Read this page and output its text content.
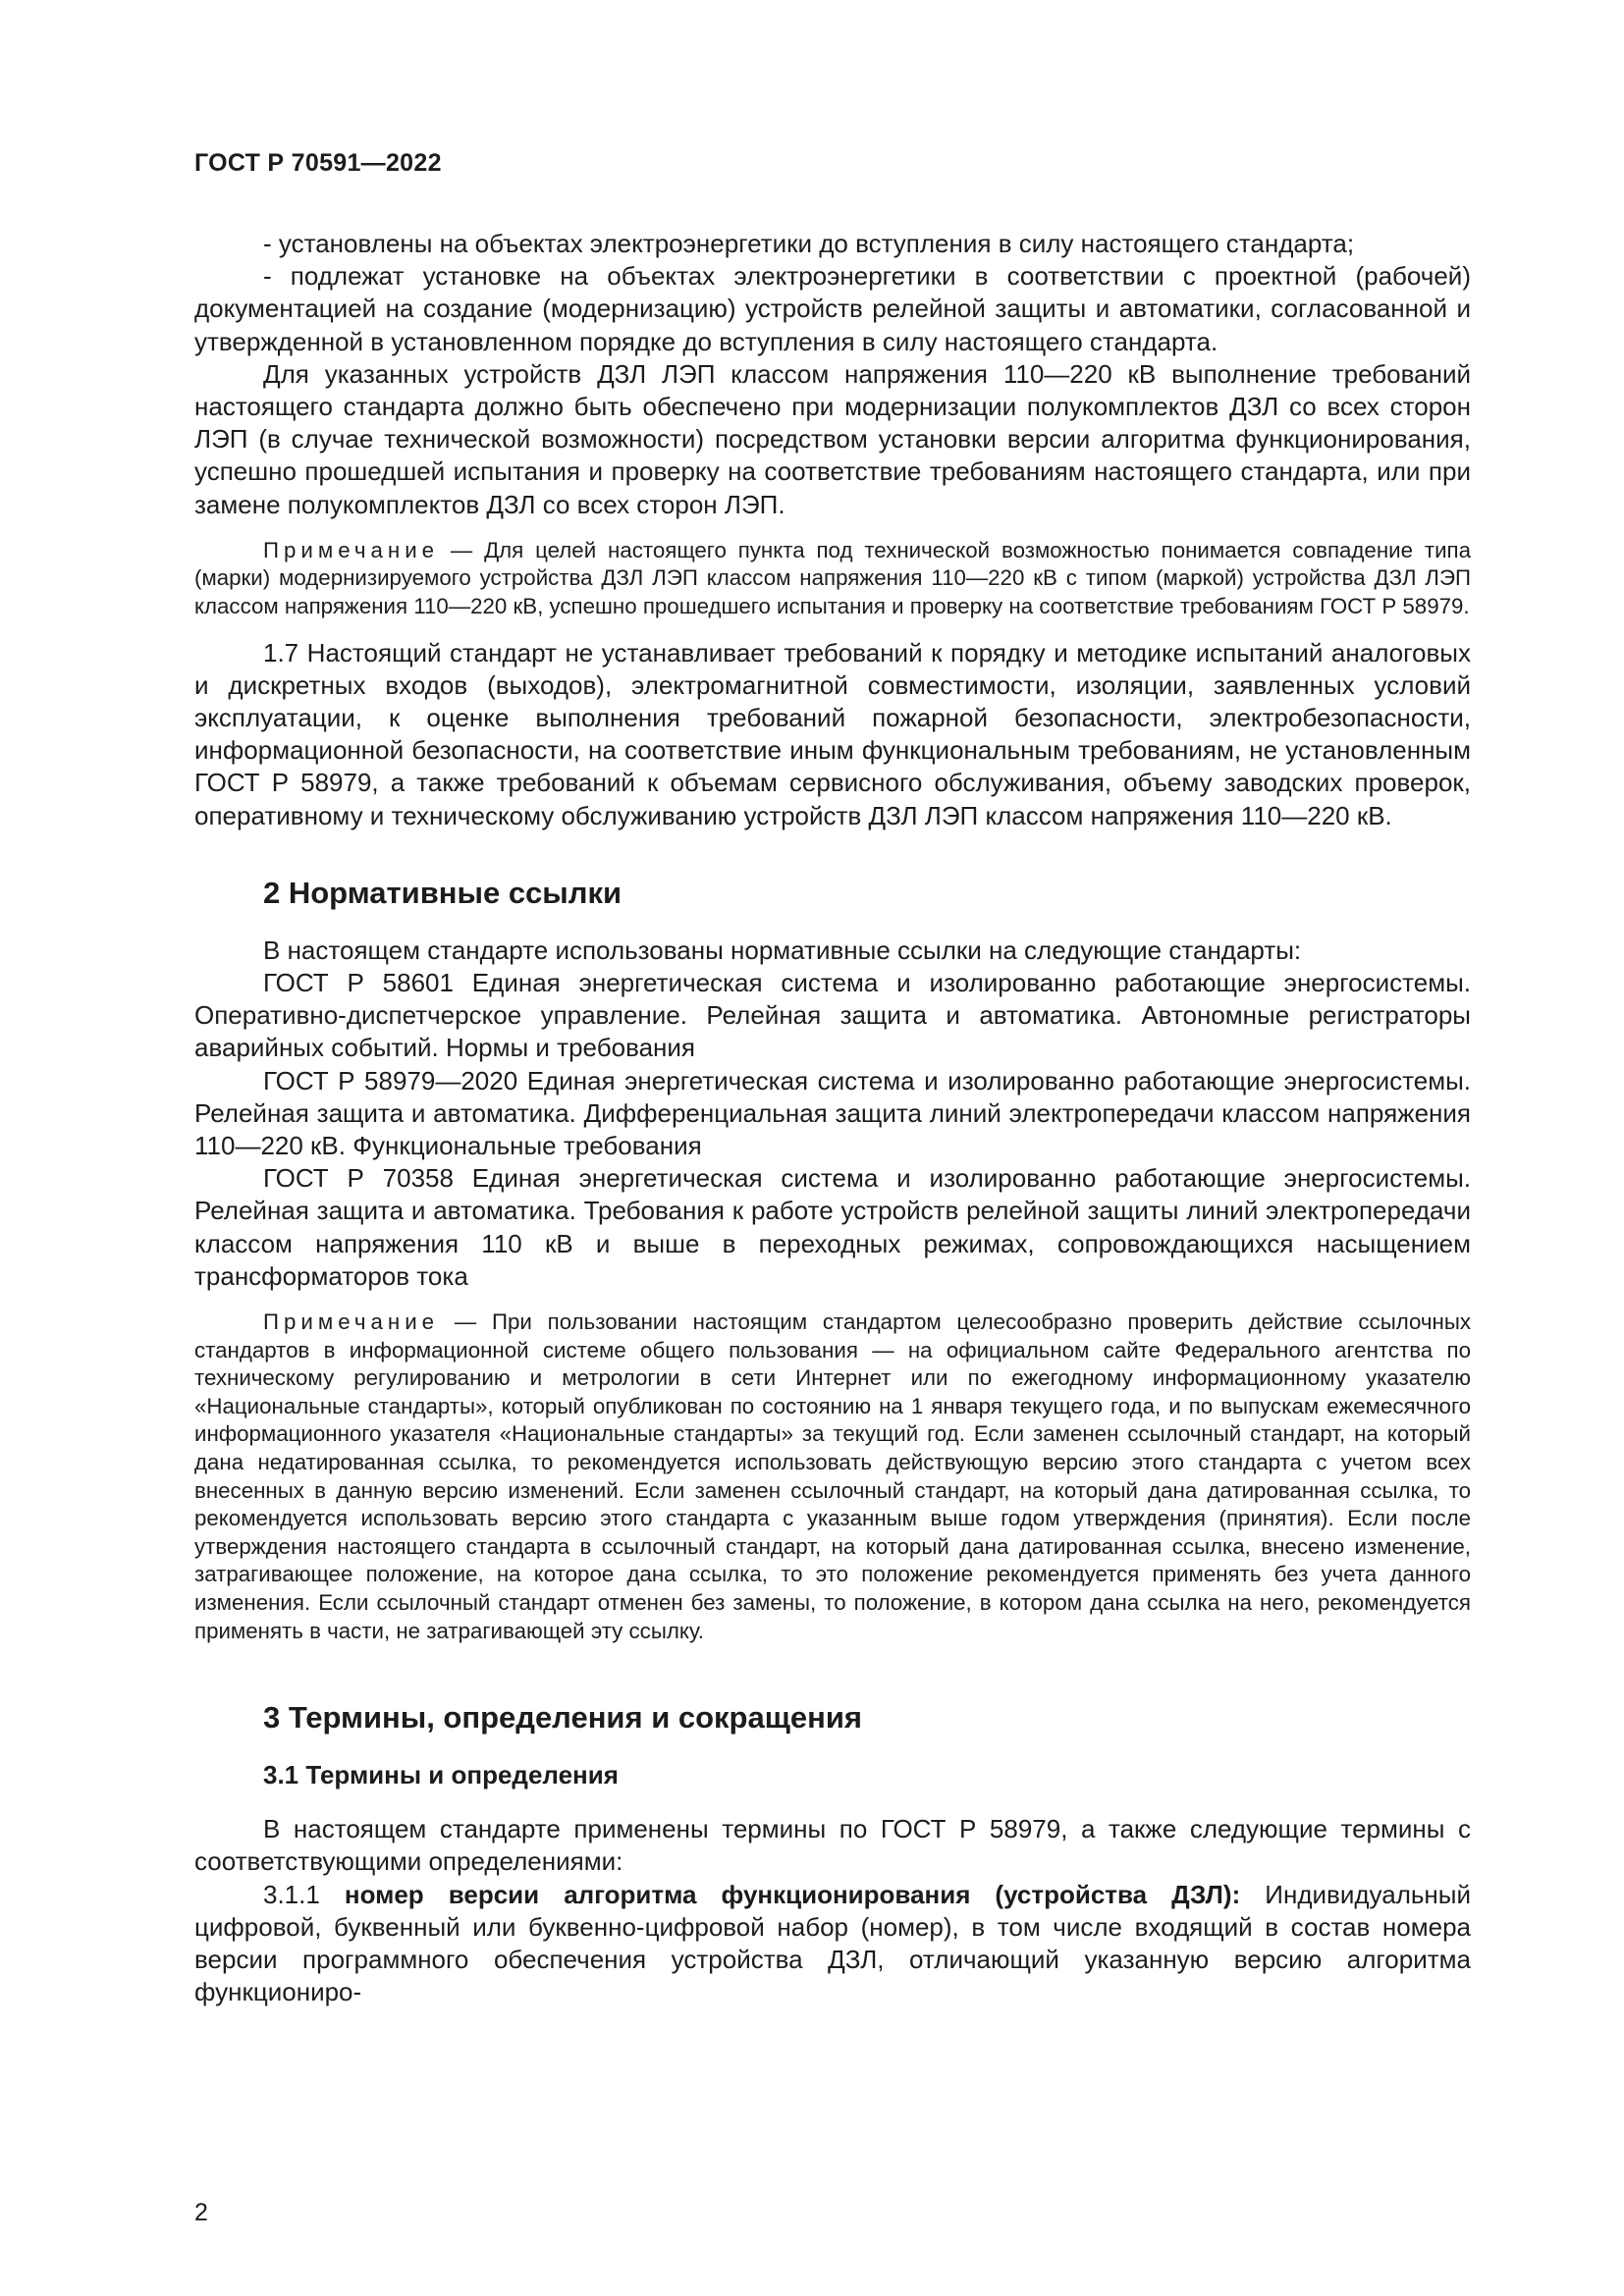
ГОСТ Р 70591—2022

- установлены на объектах электроэнергетики до вступления в силу настоящего стандарта;

- подлежат установке на объектах электроэнергетики в соответствии с проектной (рабочей) документацией на создание (модернизацию) устройств релейной защиты и автоматики, согласованной и утвержденной в установленном порядке до вступления в силу настоящего стандарта.

Для указанных устройств ДЗЛ ЛЭП классом напряжения 110—220 кВ выполнение требований настоящего стандарта должно быть обеспечено при модернизации полукомплектов ДЗЛ со всех сторон ЛЭП (в случае технической возможности) посредством установки версии алгоритма функционирования, успешно прошедшей испытания и проверку на соответствие требованиям настоящего стандарта, или при замене полукомплектов ДЗЛ со всех сторон ЛЭП.

Примечание — Для целей настоящего пункта под технической возможностью понимается совпадение типа (марки) модернизируемого устройства ДЗЛ ЛЭП классом напряжения 110—220 кВ с типом (маркой) устройства ДЗЛ ЛЭП классом напряжения 110—220 кВ, успешно прошедшего испытания и проверку на соответствие требованиям ГОСТ Р 58979.

1.7 Настоящий стандарт не устанавливает требований к порядку и методике испытаний аналоговых и дискретных входов (выходов), электромагнитной совместимости, изоляции, заявленных условий эксплуатации, к оценке выполнения требований пожарной безопасности, электробезопасности, информационной безопасности, на соответствие иным функциональным требованиям, не установленным ГОСТ Р 58979, а также требований к объемам сервисного обслуживания, объему заводских проверок, оперативному и техническому обслуживанию устройств ДЗЛ ЛЭП классом напряжения 110—220 кВ.

2 Нормативные ссылки

В настоящем стандарте использованы нормативные ссылки на следующие стандарты:

ГОСТ Р 58601 Единая энергетическая система и изолированно работающие энергосистемы. Оперативно-диспетчерское управление. Релейная защита и автоматика. Автономные регистраторы аварийных событий. Нормы и требования

ГОСТ Р 58979—2020 Единая энергетическая система и изолированно работающие энергосистемы. Релейная защита и автоматика. Дифференциальная защита линий электропередачи классом напряжения 110—220 кВ. Функциональные требования

ГОСТ Р 70358 Единая энергетическая система и изолированно работающие энергосистемы. Релейная защита и автоматика. Требования к работе устройств релейной защиты линий электропередачи классом напряжения 110 кВ и выше в переходных режимах, сопровождающихся насыщением трансформаторов тока

Примечание — При пользовании настоящим стандартом целесообразно проверить действие ссылочных стандартов в информационной системе общего пользования — на официальном сайте Федерального агентства по техническому регулированию и метрологии в сети Интернет или по ежегодному информационному указателю «Национальные стандарты», который опубликован по состоянию на 1 января текущего года, и по выпускам ежемесячного информационного указателя «Национальные стандарты» за текущий год. Если заменен ссылочный стандарт, на который дана недатированная ссылка, то рекомендуется использовать действующую версию этого стандарта с учетом всех внесенных в данную версию изменений. Если заменен ссылочный стандарт, на который дана датированная ссылка, то рекомендуется использовать версию этого стандарта с указанным выше годом утверждения (принятия). Если после утверждения настоящего стандарта в ссылочный стандарт, на который дана датированная ссылка, внесено изменение, затрагивающее положение, на которое дана ссылка, то это положение рекомендуется применять без учета данного изменения. Если ссылочный стандарт отменен без замены, то положение, в котором дана ссылка на него, рекомендуется применять в части, не затрагивающей эту ссылку.

3 Термины, определения и сокращения
3.1 Термины и определения

В настоящем стандарте применены термины по ГОСТ Р 58979, а также следующие термины с соответствующими определениями:

3.1.1 номер версии алгоритма функционирования (устройства ДЗЛ): Индивидуальный цифровой, буквенный или буквенно-цифровой набор (номер), в том числе входящий в состав номера версии программного обеспечения устройства ДЗЛ, отличающий указанную версию алгоритма функциониро-

2
